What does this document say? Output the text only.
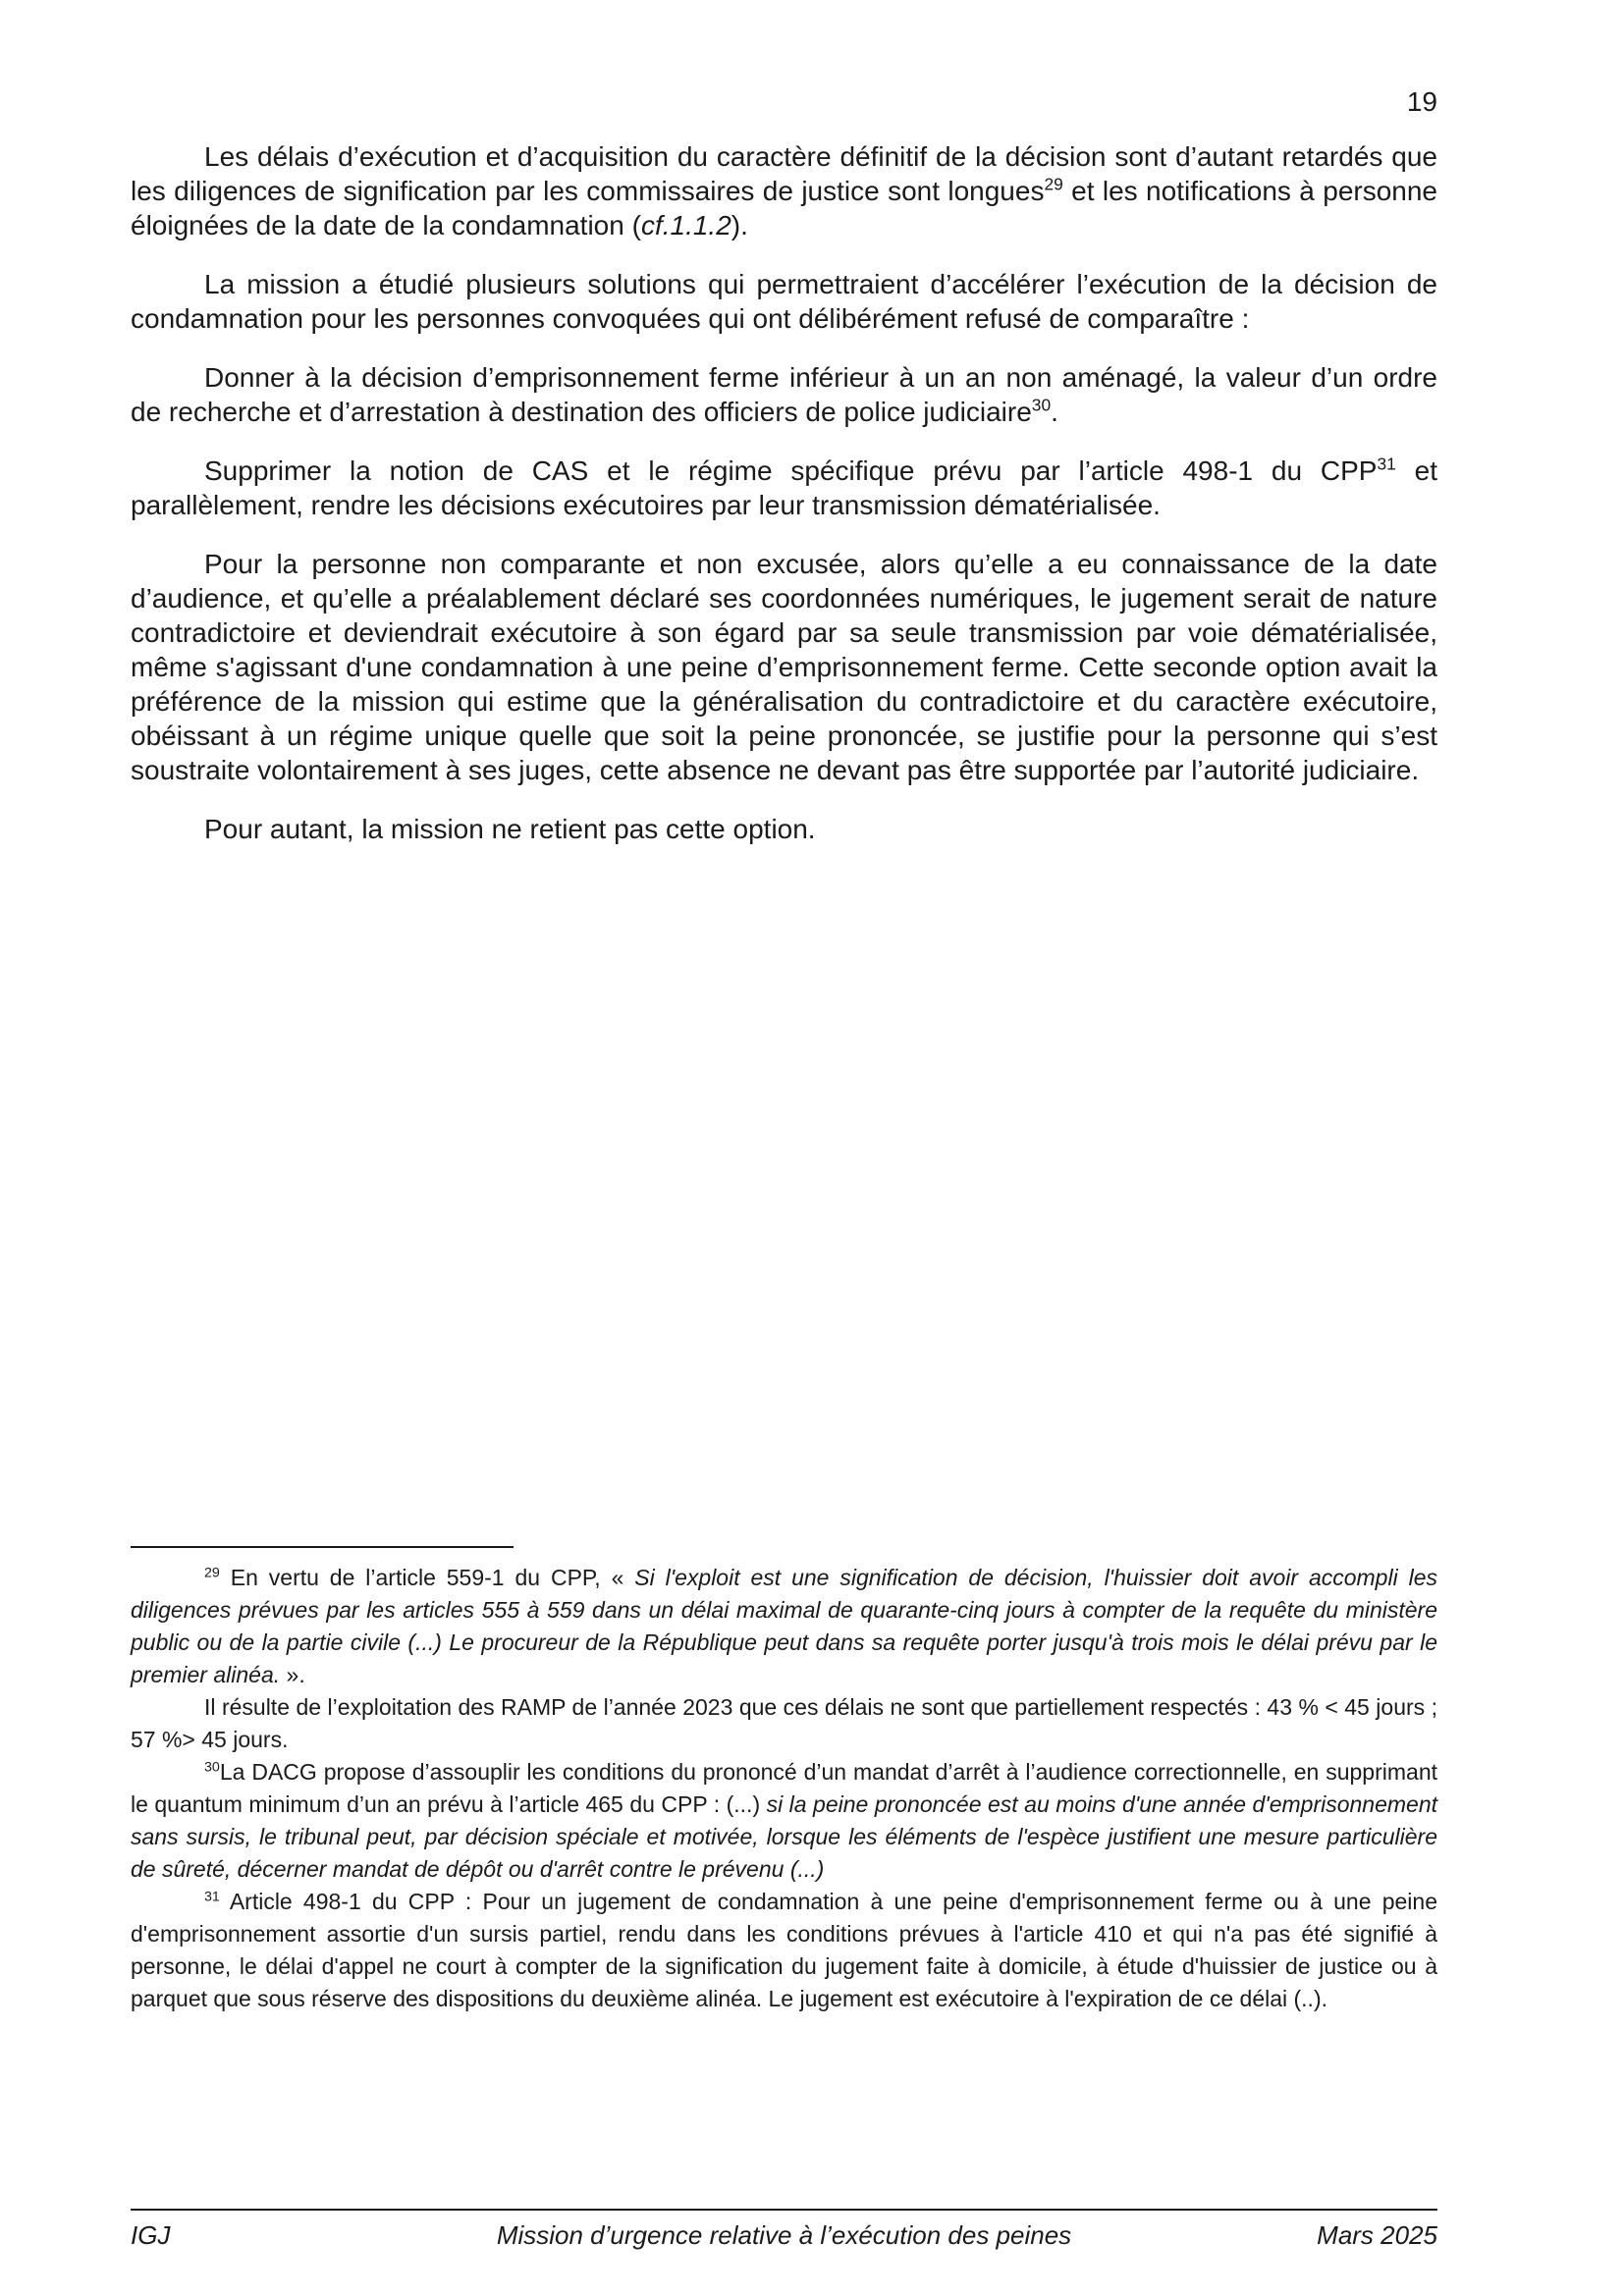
19

Les délais d’exécution et d’acquisition du caractère définitif de la décision sont d’autant retardés que les diligences de signification par les commissaires de justice sont longues$^{29}$ et les notifications à personne éloignées de la date de la condamnation (cf.1.1.2).

La mission a étudié plusieurs solutions qui permettraient d’accélérer l’exécution de la décision de condamnation pour les personnes convoquées qui ont délibérément refusé de comparaître :

Donner à la décision d’emprisonnement ferme inférieur à un an non aménagé, la valeur d’un ordre de recherche et d’arrestation à destination des officiers de police judiciaire$^{30}$.

Supprimer la notion de CAS et le régime spécifique prévu par l’article 498-1 du CPP$^{31}$ et parallèlement, rendre les décisions exécutoires par leur transmission dématérialisée.

Pour la personne non comparante et non excusée, alors qu’elle a eu connaissance de la date d’audience, et qu’elle a préalablement déclaré ses coordonnées numériques, le jugement serait de nature contradictoire et deviendrait exécutoire à son égard par sa seule transmission par voie dématérialisée, même s'agissant d'une condamnation à une peine d’emprisonnement ferme. Cette seconde option avait la préférence de la mission qui estime que la généralisation du contradictoire et du caractère exécutoire, obéissant à un régime unique quelle que soit la peine prononcée, se justifie pour la personne qui s’est soustraite volontairement à ses juges, cette absence ne devant pas être supportée par l’autorité judiciaire.

Pour autant, la mission ne retient pas cette option.

$^{29}$ En vertu de l’article 559-1 du CPP, « Si l'exploit est une signification de décision, l'huissier doit avoir accompli les diligences prévues par les articles 555 à 559 dans un délai maximal de quarante-cinq jours à compter de la requête du ministère public ou de la partie civile (...) Le procureur de la République peut dans sa requête porter jusqu'à trois mois le délai prévu par le premier alinéa. ».

Il résulte de l’exploitation des RAMP de l’année 2023 que ces délais ne sont que partiellement respectés : 43 % < 45 jours ; 57 %> 45 jours.

$^{30}$La DACG propose d’assouplir les conditions du prononcé d’un mandat d’arrêt à l’audience correctionnelle, en supprimant le quantum minimum d’un an prévu à l’article 465 du CPP : (...) si la peine prononcée est au moins d'une année d'emprisonnement sans sursis, le tribunal peut, par décision spéciale et motivée, lorsque les éléments de l'espèce justifient une mesure particulière de sûreté, décerner mandat de dépôt ou d'arrêt contre le prévenu (...)

$^{31}$ Article 498-1 du CPP : Pour un jugement de condamnation à une peine d'emprisonnement ferme ou à une peine d'emprisonnement assortie d'un sursis partiel, rendu dans les conditions prévues à l'article 410 et qui n'a pas été signifié à personne, le délai d'appel ne court à compter de la signification du jugement faite à domicile, à étude d'huissier de justice ou à parquet que sous réserve des dispositions du deuxième alinéa. Le jugement est exécutoire à l'expiration de ce délai (..).

IGJ	Mission d’urgence relative à l’exécution des peines	Mars 2025
